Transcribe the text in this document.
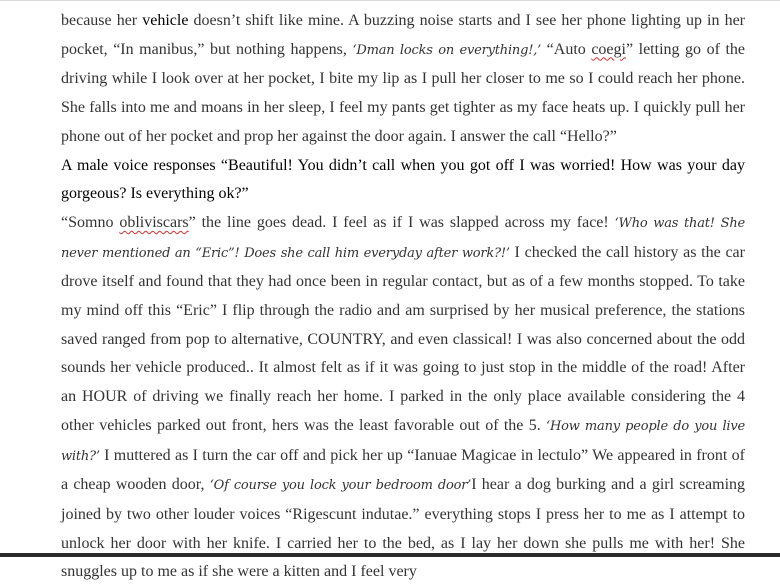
because her vehicle doesn’t shift like mine. A buzzing noise starts and I see her phone lighting up in her pocket, “In manibus,” but nothing happens, ‘Dman locks on everything!,’ “Auto coegi” letting go of the driving while I look over at her pocket, I bite my lip as I pull her closer to me so I could reach her phone. She falls into me and moans in her sleep, I feel my pants get tighter as my face heats up. I quickly pull her phone out of her pocket and prop her against the door again. I answer the call “Hello?”

A male voice responses “Beautiful! You didn’t call when you got off I was worried! How was your day gorgeous? Is everything ok?”

“Somno obliviscars” the line goes dead. I feel as if I was slapped across my face! ‘Who was that! She never mentioned an “Eric”! Does she call him everyday after work?!’ I checked the call history as the car drove itself and found that they had once been in regular contact, but as of a few months stopped. To take my mind off this “Eric” I flip through the radio and am surprised by her musical preference, the stations saved ranged from pop to alternative, COUNTRY, and even classical! I was also concerned about the odd sounds her vehicle produced.. It almost felt as if it was going to just stop in the middle of the road! After an HOUR of driving we finally reach her home. I parked in the only place available considering the 4 other vehicles parked out front, hers was the least favorable out of the 5. ‘How many people do you live with?’ I muttered as I turn the car off and pick her up “Ianuae Magicae in lectulo” We appeared in front of a cheap wooden door, ‘Of course you lock your bedroom door’I hear a dog burking and a girl screaming joined by two other louder voices “Rigescunt indutae.” everything stops I press her to me as I attempt to unlock her door with her knife. I carried her to the bed, as I lay her down she pulls me with her! She snuggles up to me as if she were a kitten and I feel very
